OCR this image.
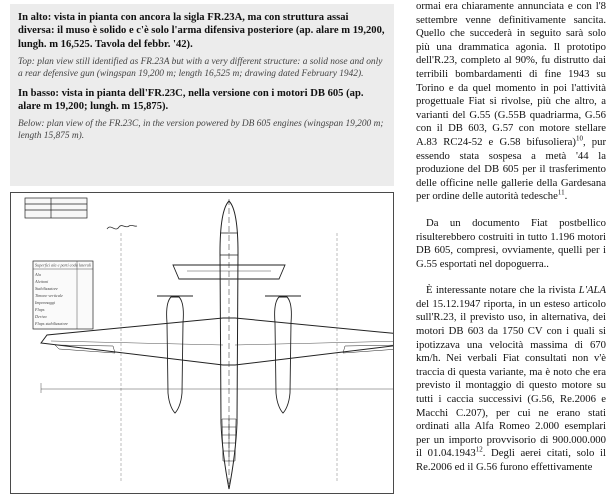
In alto: vista in pianta con ancora la sigla FR.23A, ma con struttura assai diversa: il muso è solido e c'è solo l'arma difensiva posteriore (ap. alare m 19,200, lungh. m 16,525. Tavola del febbr. '42).

Top: plan view still identified as FR.23A but with a very different structure: a solid nose and only a rear defensive gun (wingspan 19,200 m; length 16,525 m; drawing dated February 1942).

In basso: vista in pianta dell'FR.23C, nella versione con i motori DB 605 (ap. alare m 19,200; lungh. m 15,875).

Below: plan view of the FR.23C, in the version powered by DB 605 engines (wingspan 19,200 m; length 15,875 m).

Superfici ala e parti coda laterali
Ala
Alettoni
Stabilizzatore
Timone verticale
Impennaggi
Flaps
Deriva
Flaps stabilizzatore

ormai era chiaramente annunciata e con l'8 settembre venne definitivamente sancita. Quello che succederà in seguito sarà solo più una drammatica agonia. Il prototipo dell'R.23, completo al 90%, fu distrutto dai terribili bombardamenti di fine 1943 su Torino e da quel momento in poi l'attività progettuale Fiat si rivolse, più che altro, a varianti del G.55 (G.55B quadriarma, G.56 con il DB 603, G.57 con motore stellare A.83 RC24-52 e G.58 bifusoliera)$^{10}$, pur essendo stata sospesa a metà '44 la produzione del DB 605 per il trasferimento delle officine nelle gallerie della Gardesana per ordine delle autorità tedesche$^{11}$.

Da un documento Fiat postbellico risulterebbero costruiti in tutto 1.196 motori DB 605, compresi, ovviamente, quelli per i G.55 esportati nel dopoguerra..

È interessante notare che la rivista L'ALA del 15.12.1947 riporta, in un esteso articolo sull'R.23, il previsto uso, in alternativa, dei motori DB 603 da 1750 CV con i quali si ipotizzava una velocità massima di 670 km/h. Nei verbali Fiat consultati non v'è traccia di questa variante, ma è noto che era previsto il montaggio di questo motore su tutti i caccia successivi (G.56, Re.2006 e Macchi C.207), per cui ne erano stati ordinati alla Alfa Romeo 2.000 esemplari per un importo provvisorio di 900.000.000 il 01.04.1943$^{12}$. Degli aerei citati, solo il Re.2006 ed il G.56 furono effettivamente
